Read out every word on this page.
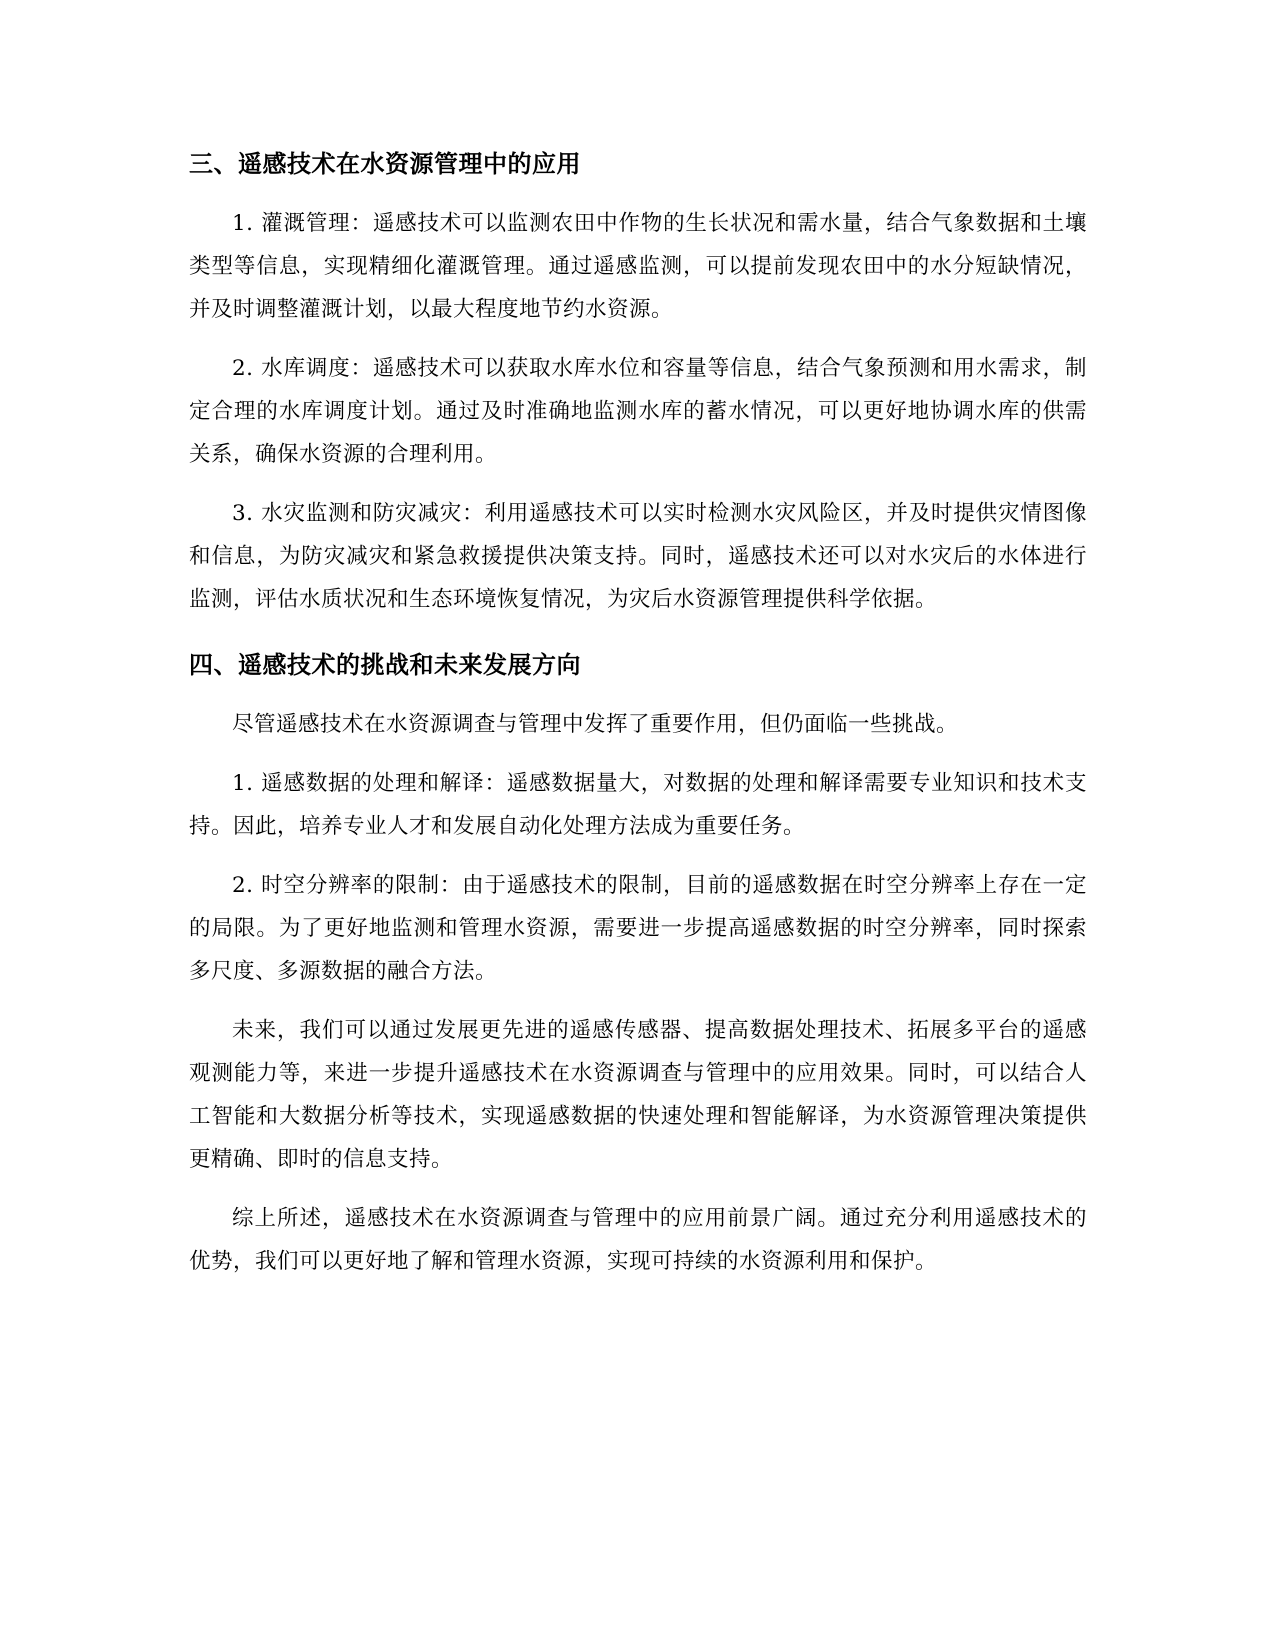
三、遥感技术在水资源管理中的应用

1. 灌溉管理：遥感技术可以监测农田中作物的生长状况和需水量，结合气象数据和土壤类型等信息，实现精细化灌溉管理。通过遥感监测，可以提前发现农田中的水分短缺情况，并及时调整灌溉计划，以最大程度地节约水资源。

2. 水库调度：遥感技术可以获取水库水位和容量等信息，结合气象预测和用水需求，制定合理的水库调度计划。通过及时准确地监测水库的蓄水情况，可以更好地协调水库的供需关系，确保水资源的合理利用。

3. 水灾监测和防灾减灾：利用遥感技术可以实时检测水灾风险区，并及时提供灾情图像和信息，为防灾减灾和紧急救援提供决策支持。同时，遥感技术还可以对水灾后的水体进行监测，评估水质状况和生态环境恢复情况，为灾后水资源管理提供科学依据。

四、遥感技术的挑战和未来发展方向

尽管遥感技术在水资源调查与管理中发挥了重要作用，但仍面临一些挑战。

1. 遥感数据的处理和解译：遥感数据量大，对数据的处理和解译需要专业知识和技术支持。因此，培养专业人才和发展自动化处理方法成为重要任务。

2. 时空分辨率的限制：由于遥感技术的限制，目前的遥感数据在时空分辨率上存在一定的局限。为了更好地监测和管理水资源，需要进一步提高遥感数据的时空分辨率，同时探索多尺度、多源数据的融合方法。

未来，我们可以通过发展更先进的遥感传感器、提高数据处理技术、拓展多平台的遥感观测能力等，来进一步提升遥感技术在水资源调查与管理中的应用效果。同时，可以结合人工智能和大数据分析等技术，实现遥感数据的快速处理和智能解译，为水资源管理决策提供更精确、即时的信息支持。

综上所述，遥感技术在水资源调查与管理中的应用前景广阔。通过充分利用遥感技术的优势，我们可以更好地了解和管理水资源，实现可持续的水资源利用和保护。
